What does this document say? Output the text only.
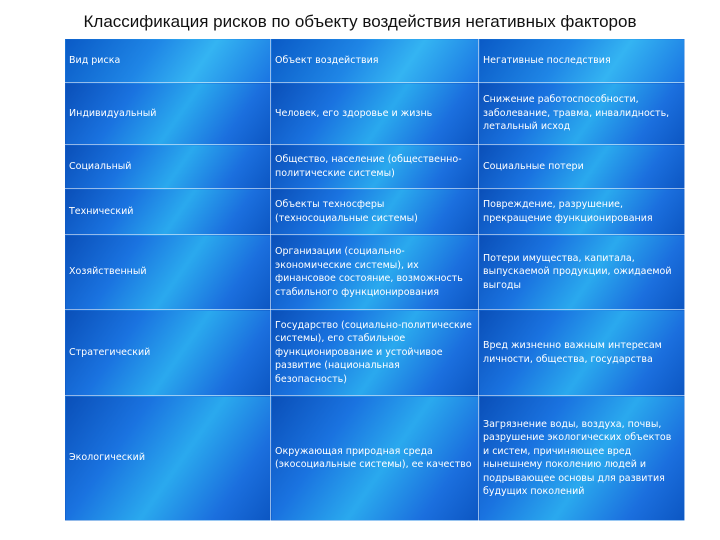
Классификация рисков по объекту воздействия негативных факторов
Вид риска	Объект воздействия	Негативные последствия
Индивидуальный	Человек, его здоровье и жизнь	Снижение работоспособности, заболевание, травма, инвалидность, летальный исход
Социальный	Общество, население (общественно-политические системы)	Социальные потери
Технический	Объекты техносферы (техносоциальные системы)	Повреждение, разрушение, прекращение функционирования
Хозяйственный	Организации (социально-экономические системы), их финансовое состояние, возможность стабильного функционирования	Потери имущества, капитала, выпускаемой продукции, ожидаемой выгоды
Стратегический	Государство (социально-политические системы), его стабильное функционирование и устойчивое развитие (национальная безопасность)	Вред жизненно важным интересам личности, общества, государства
Экологический	Окружающая природная среда (экосоциальные системы), ее качество	Загрязнение воды, воздуха, почвы, разрушение экологических объектов и систем, причиняющее вред нынешнему поколению людей и подрывающее основы для развития будущих поколений
